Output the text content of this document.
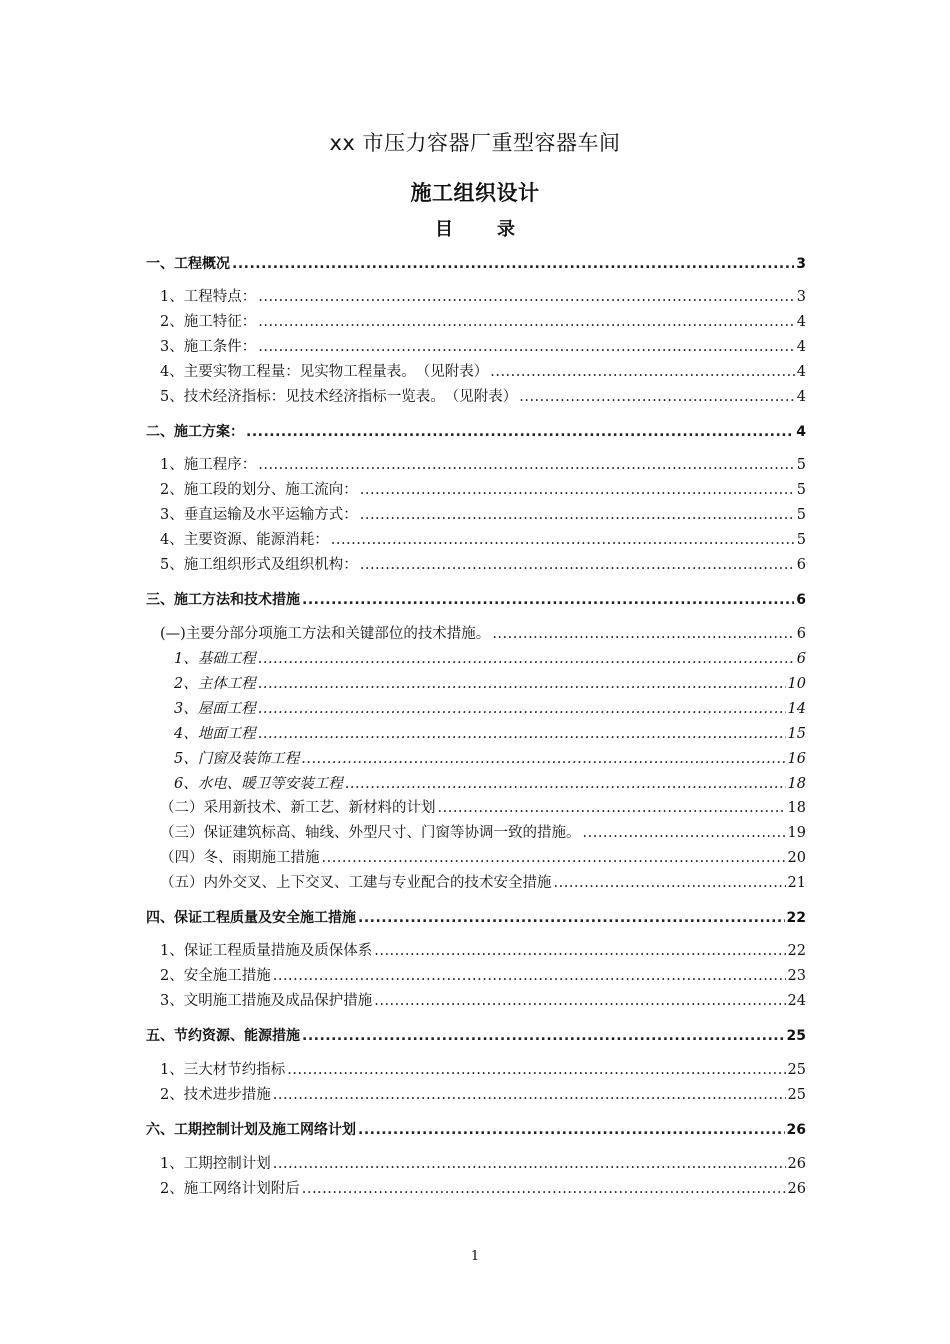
xx 市压力容器厂重型容器车间
施工组织设计
目录
一、工程概况 .....	3
1、工程特点： .....	3
2、施工特征： .....	4
3、施工条件： .....	4
4、主要实物工程量：见实物工程量表。　（见附表） .....	4
5、技术经济指标：见技术经济指标一览表。　（见附表） .....	4
二、施工方案： .....	4
1、施工程序： .....	5
2、施工段的划分、施工流向： .....	5
3、垂直运输及水平运输方式： .....	5
4、主要资源、能源消耗： .....	5
5、施工组织形式及组织机构： .....	6
三、施工方法和技术措施 .....	6
(—)主要分部分项施工方法和关键部位的技术措施。 .....	6
1、基础工程 .....	6
2、主体工程 .....	10
3、屋面工程 .....	14
4、地面工程 .....	15
5、门窗及装饰工程 .....	16
6、水电、暖卫等安装工程 .....	18
（二）采用新技术、新工艺、新材料的计划 .....	18
（三）保证建筑标高、轴线、外型尺寸、门窗等协调一致的措施。 .....	19
（四）冬、雨期施工措施 .....	20
（五）内外交叉、上下交叉、工建与专业配合的技术安全措施 .....	21
四、保证工程质量及安全施工措施 .....	22
1、保证工程质量措施及质保体系 .....	22
2、安全施工措施 .....	23
3、文明施工措施及成品保护措施 .....	24
五、节约资源、能源措施 .....	25
1、三大材节约指标 .....	25
2、技术进步措施 .....	25
六、工期控制计划及施工网络计划 .....	26
1、工期控制计划 .....	26
2、施工网络计划附后 .....	26
1
